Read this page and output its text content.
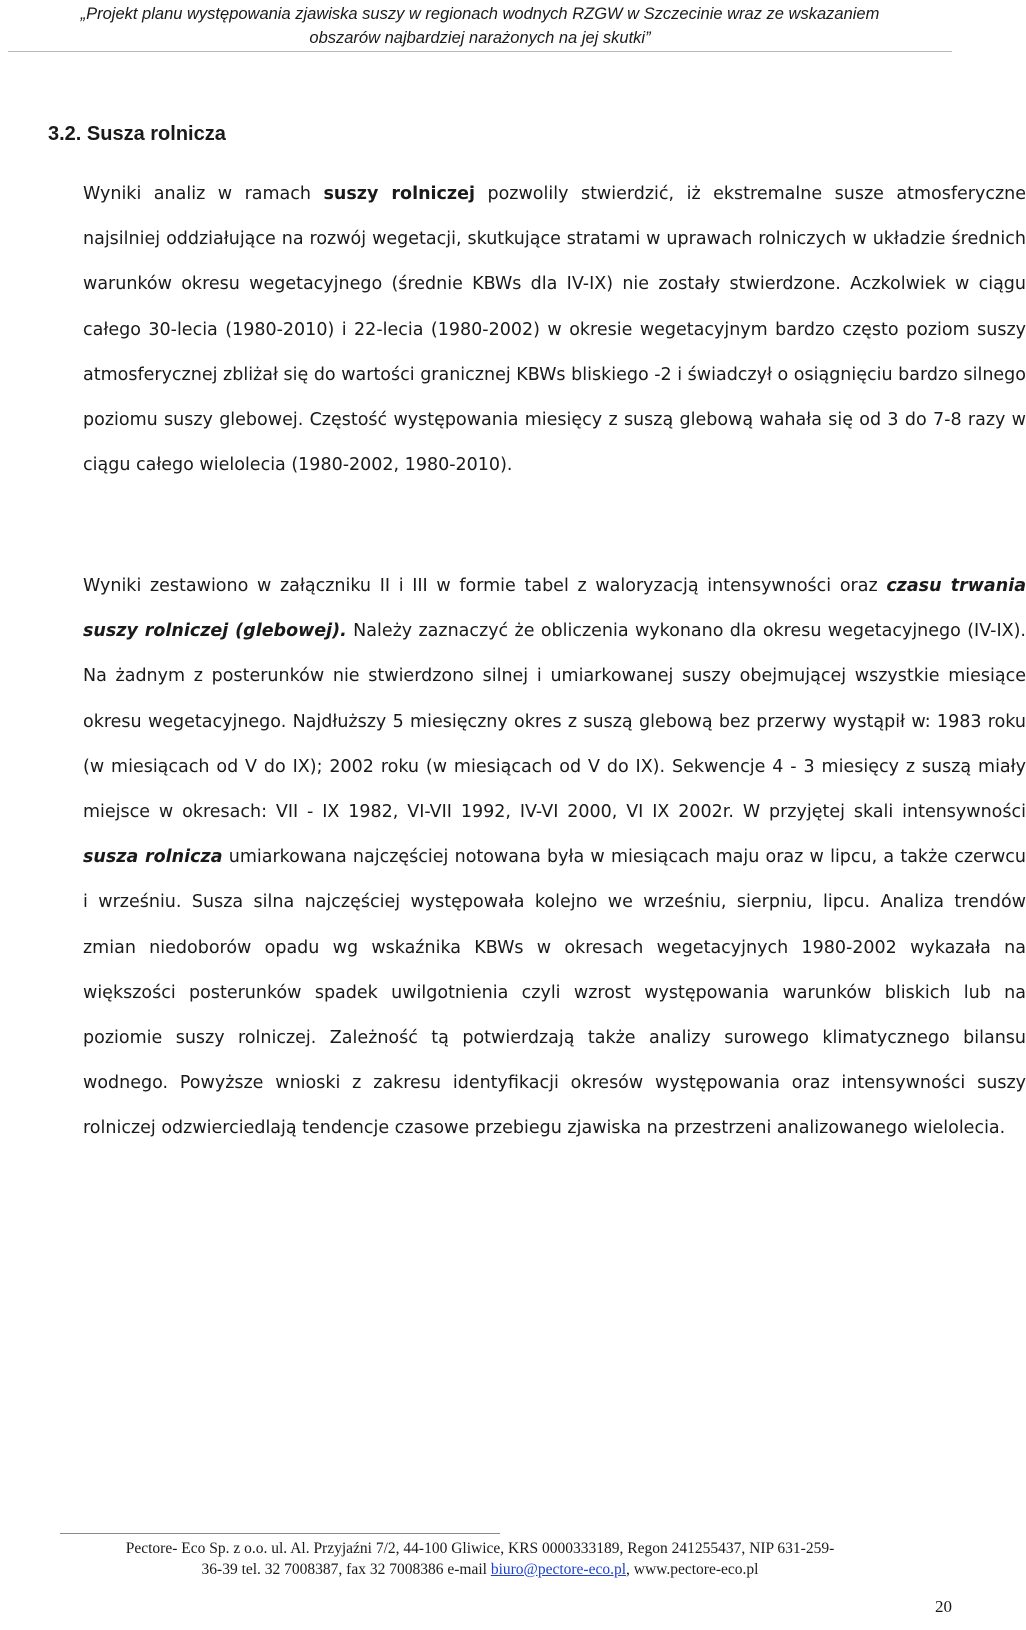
„Projekt planu występowania zjawiska suszy w regionach wodnych RZGW w Szczecinie wraz ze wskazaniem
obszarów najbardziej narażonych na jej skutki”
3.2. Susza rolnicza

Wyniki analiz w ramach suszy rolniczej pozwolily stwierdzić, iż ekstremalne susze atmosferyczne najsilniej oddziałujące na rozwój wegetacji, skutkujące stratami w uprawach rolniczych w układzie średnich warunków okresu wegetacyjnego (średnie KBWs dla IV-IX) nie zostały stwierdzone. Aczkolwiek w ciągu całego 30-lecia (1980-2010) i 22-lecia (1980-2002) w okresie wegetacyjnym bardzo często poziom suszy atmosferycznej zbliżał się do wartości granicznej KBWs bliskiego -2 i świadczył o osiągnięciu bardzo silnego poziomu suszy glebowej. Częstość występowania miesięcy z suszą glebową wahała się od 3 do 7-8 razy w ciągu całego wielolecia (1980-2002, 1980-2010).

Wyniki zestawiono w załączniku II i III w formie tabel z waloryzacją intensywności oraz czasu trwania suszy rolniczej (glebowej). Należy zaznaczyć że obliczenia wykonano dla okresu wegetacyjnego (IV-IX). Na żadnym z posterunków nie stwierdzono silnej i umiarkowanej suszy obejmującej wszystkie miesiące okresu wegetacyjnego. Najdłuższy 5 miesięczny okres z suszą glebową bez przerwy wystąpił w: 1983 roku (w miesiącach od V do IX); 2002 roku (w miesiącach od V do IX). Sekwencje 4 - 3 miesięcy z suszą miały miejsce w okresach: VII - IX 1982, VI-VII 1992, IV-VI 2000, VI IX 2002r. W przyjętej skali intensywności susza rolnicza umiarkowana najczęściej notowana była w miesiącach maju oraz w lipcu, a także czerwcu i wrześniu. Susza silna najczęściej występowała kolejno we wrześniu, sierpniu, lipcu. Analiza trendów zmian niedoborów opadu wg wskaźnika KBWs w okresach wegetacyjnych 1980-2002 wykazała na większości posterunków spadek uwilgotnienia czyli wzrost występowania warunków bliskich lub na poziomie suszy rolniczej. Zależność tą potwierdzają także analizy surowego klimatycznego bilansu wodnego. Powyższe wnioski z zakresu identyfikacji okresów występowania oraz intensywności suszy rolniczej odzwierciedlają tendencje czasowe przebiegu zjawiska na przestrzeni analizowanego wielolecia.

Pectore- Eco Sp. z o.o. ul. Al. Przyjaźni 7/2, 44-100 Gliwice, KRS 0000333189, Regon 241255437, NIP 631-259-
36-39 tel. 32 7008387, fax 32 7008386 e-mail biuro@pectore-eco.pl, www.pectore-eco.pl
20
